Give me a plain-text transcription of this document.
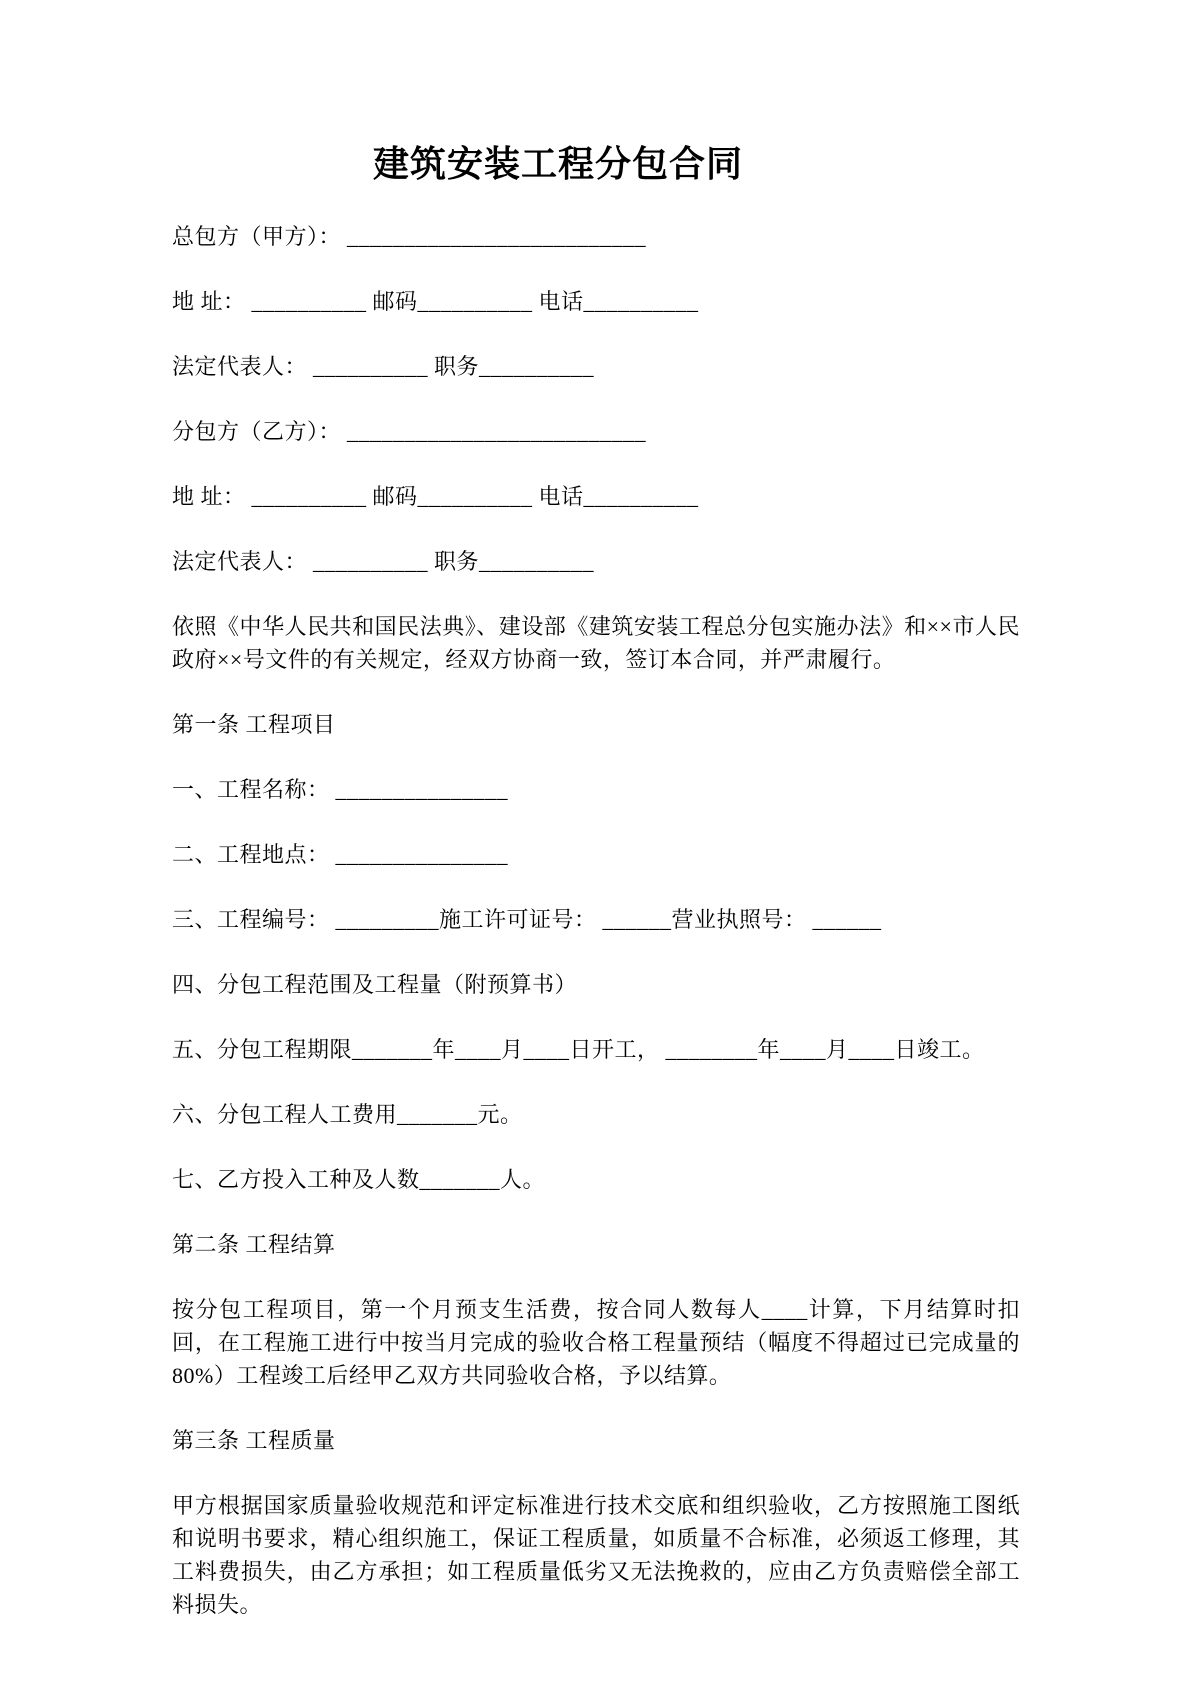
建筑安装工程分包合同

总包方（甲方）： __________________________

地 址： __________ 邮码__________ 电话__________

法定代表人： __________ 职务__________

分包方（乙方）： __________________________

地 址： __________ 邮码__________ 电话__________

法定代表人： __________ 职务__________

依照《中华人民共和国民法典》、建设部《建筑安装工程总分包实施办法》和××市人民政府××号文件的有关规定，经双方协商一致，签订本合同，并严肃履行。

第一条 工程项目

一、工程名称： _______________

二、工程地点： _______________

三、工程编号： _________施工许可证号： ______营业执照号： ______

四、分包工程范围及工程量（附预算书）

五、分包工程期限_______年____月____日开工， ________年____月____日竣工。

六、分包工程人工费用_______元。

七、乙方投入工种及人数_______人。

第二条 工程结算

按分包工程项目，第一个月预支生活费，按合同人数每人____计算，下月结算时扣回，在工程施工进行中按当月完成的验收合格工程量预结（幅度不得超过已完成量的 80%）工程竣工后经甲乙双方共同验收合格，予以结算。

第三条 工程质量

甲方根据国家质量验收规范和评定标准进行技术交底和组织验收，乙方按照施工图纸和说明书要求，精心组织施工，保证工程质量，如质量不合标准，必须返工修理，其工料费损失，由乙方承担；如工程质量低劣又无法挽救的，应由乙方负责赔偿全部工料损失。
